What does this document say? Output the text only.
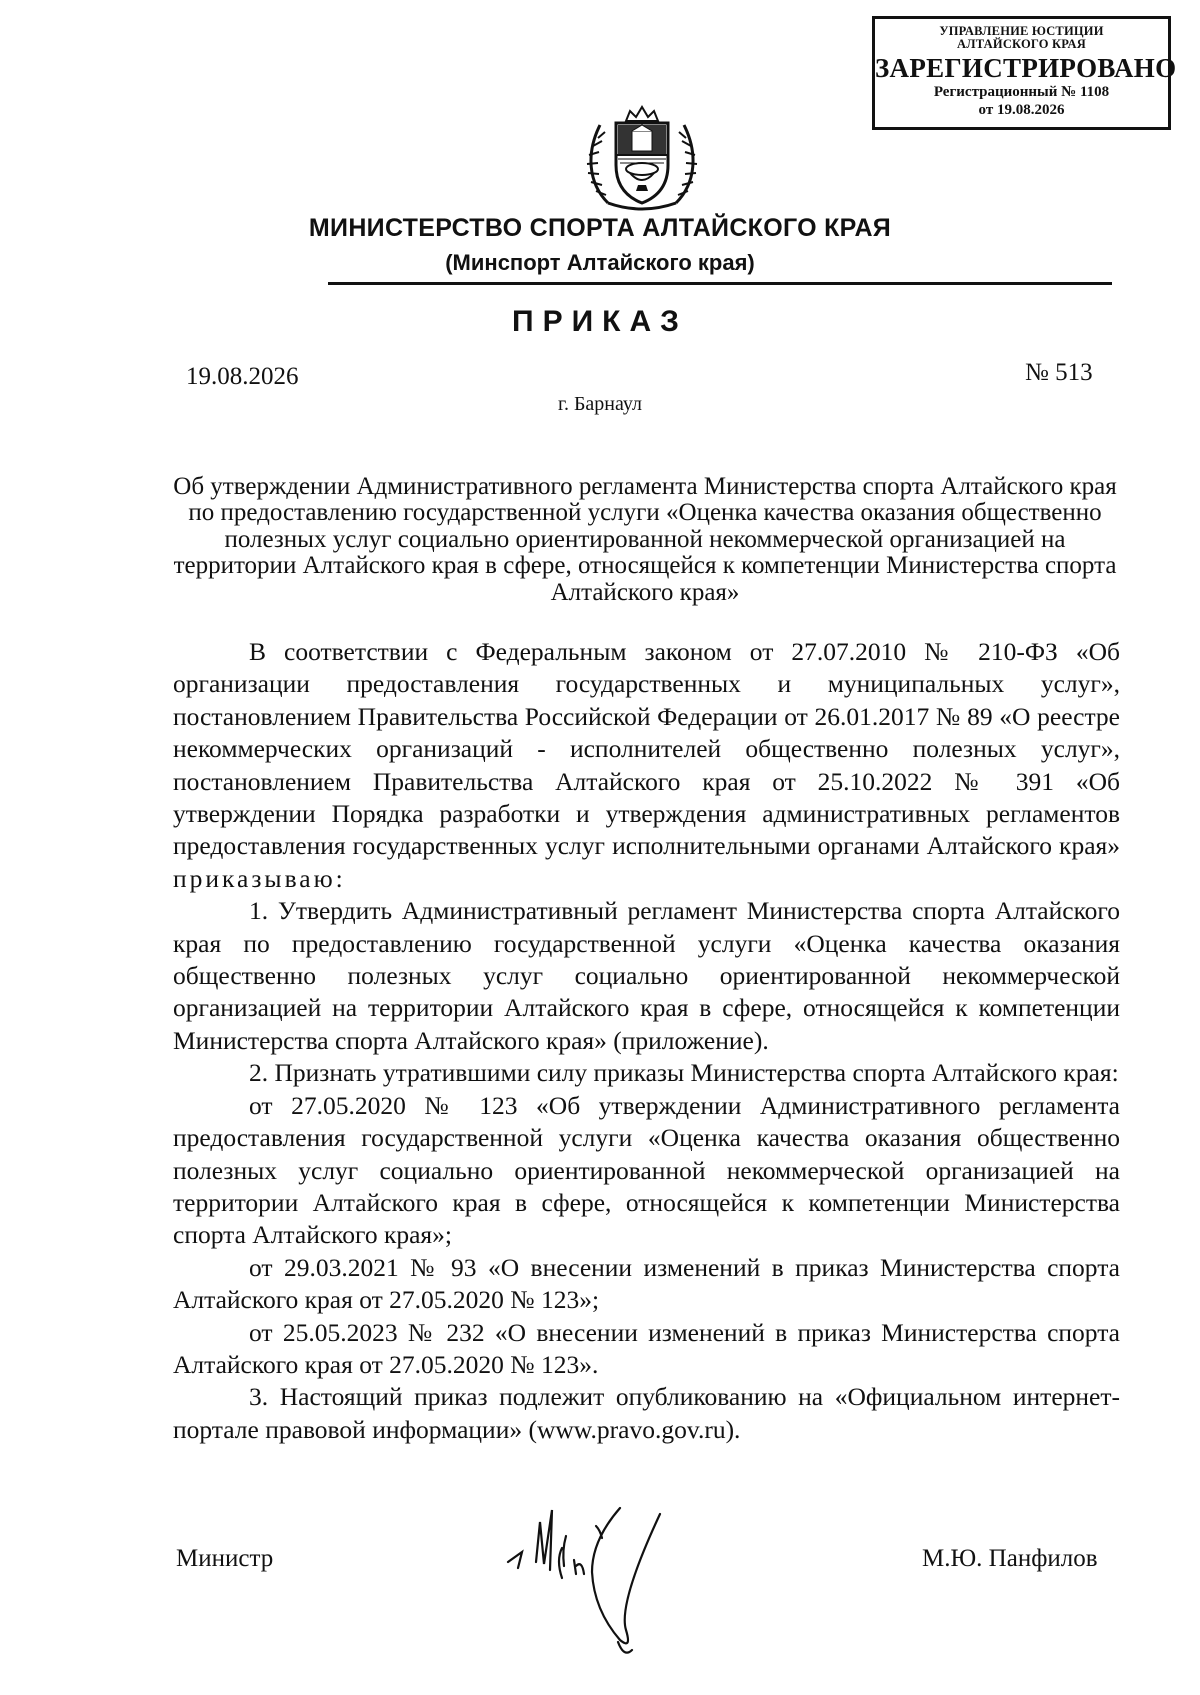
УПРАВЛЕНИЕ ЮСТИЦИИ АЛТАЙСКОГО КРАЯ
ЗАРЕГИСТРИРОВАНО
Регистрационный № 1108
от 19.08.2026
МИНИСТЕРСТВО СПОРТА АЛТАЙСКОГО КРАЯ
(Минспорт Алтайского края)
ПРИКАЗ
19.08.2026	№ 513
г. Барнаул
Об утверждении Административного регламента Министерства спорта Алтайского края по предоставлению государственной услуги «Оценка качества оказания общественно полезных услуг социально ориентированной некоммерческой организацией на территории Алтайского края в сфере, относящейся к компетенции Министерства спорта Алтайского края»

В соответствии с Федеральным законом от 27.07.2010 № 210-ФЗ «Об организации предоставления государственных и муниципальных услуг», постановлением Правительства Российской Федерации от 26.01.2017 № 89 «О реестре некоммерческих организаций - исполнителей общественно полезных услуг», постановлением Правительства Алтайского края от 25.10.2022 № 391 «Об утверждении Порядка разработки и утверждения административных регламентов предоставления государственных услуг исполнительными органами Алтайского края» приказываю:

1. Утвердить Административный регламент Министерства спорта Алтайского края по предоставлению государственной услуги «Оценка качества оказания общественно полезных услуг социально ориентированной некоммерческой организацией на территории Алтайского края в сфере, относящейся к компетенции Министерства спорта Алтайского края» (приложение).

2. Признать утратившими силу приказы Министерства спорта Алтайского края:

от 27.05.2020 № 123 «Об утверждении Административного регламента предоставления государственной услуги «Оценка качества оказания общественно полезных услуг социально ориентированной некоммерческой организацией на территории Алтайского края в сфере, относящейся к компетенции Министерства спорта Алтайского края»;

от 29.03.2021 № 93 «О внесении изменений в приказ Министерства спорта Алтайского края от 27.05.2020 № 123»;

от 25.05.2023 № 232 «О внесении изменений в приказ Министерства спорта Алтайского края от 27.05.2020 № 123».

3. Настоящий приказ подлежит опубликованию на «Официальном интернет-портале правовой информации» (www.pravo.gov.ru).

Министр	М.Ю. Панфилов
